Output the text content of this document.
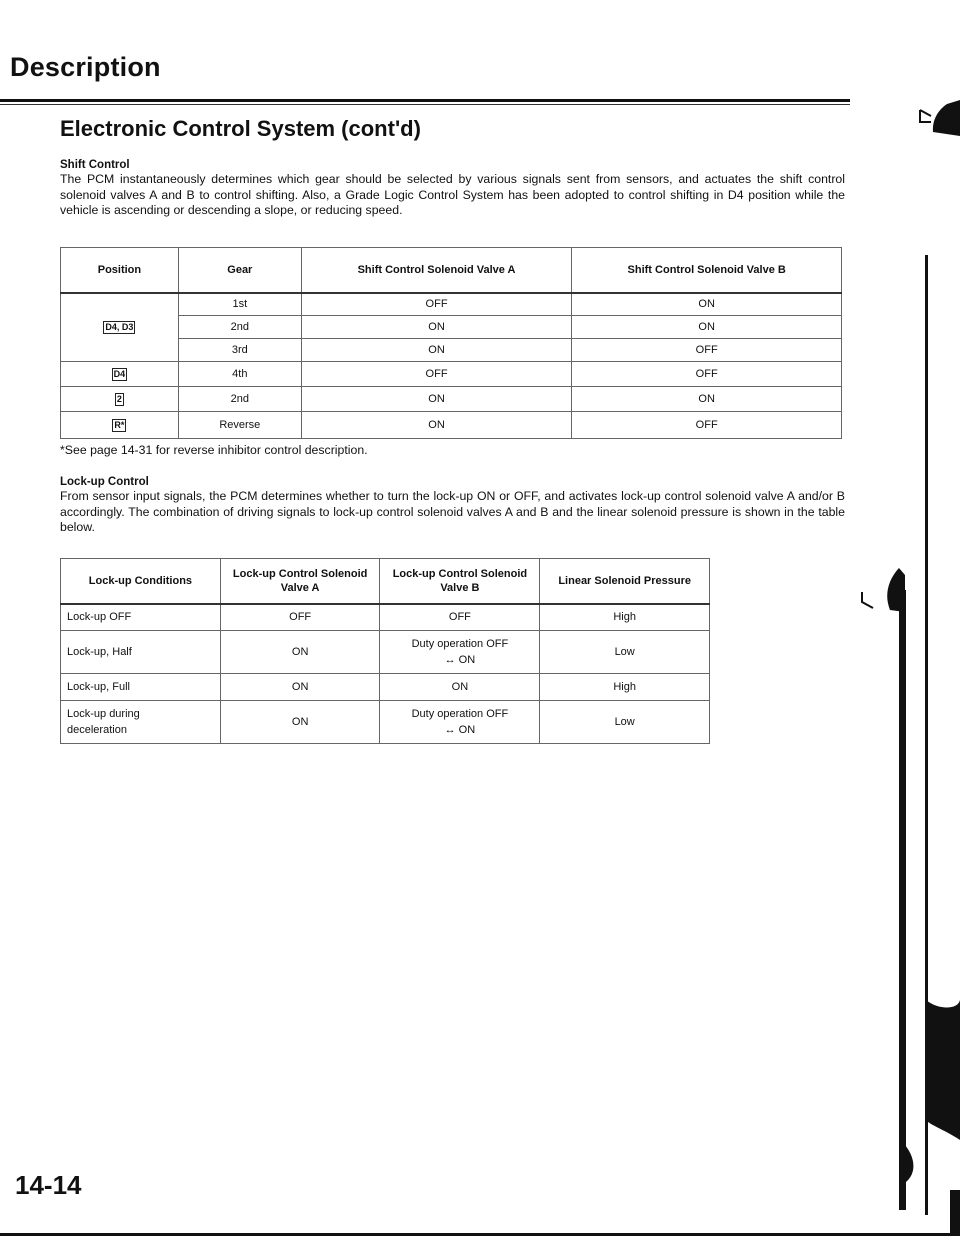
Description
Electronic Control System (cont'd)
Shift Control
The PCM instantaneously determines which gear should be selected by various signals sent from sensors, and actuates the shift control solenoid valves A and B to control shifting. Also, a Grade Logic Control System has been adopted to control shifting in D4 position while the vehicle is ascending or descending a slope, or reducing speed.
Position	Gear	Shift Control Solenoid Valve A	Shift Control Solenoid Valve B
D4, D3	1st	OFF	ON
	2nd	ON	ON
	3rd	ON	OFF
D4	4th	OFF	OFF
2	2nd	ON	ON
R*	Reverse	ON	OFF
*See page 14-31 for reverse inhibitor control description.
Lock-up Control
From sensor input signals, the PCM determines whether to turn the lock-up ON or OFF, and activates lock-up control solenoid valve A and/or B accordingly. The combination of driving signals to lock-up control solenoid valves A and B and the linear solenoid pressure is shown in the table below.
Lock-up Conditions	Lock-up Control Solenoid Valve A	Lock-up Control Solenoid Valve B	Linear Solenoid Pressure
Lock-up OFF	OFF	OFF	High
Lock-up, Half	ON	Duty operation OFF ↔ ON	Low
Lock-up, Full	ON	ON	High
Lock-up during deceleration	ON	Duty operation OFF ↔ ON	Low
14-14
